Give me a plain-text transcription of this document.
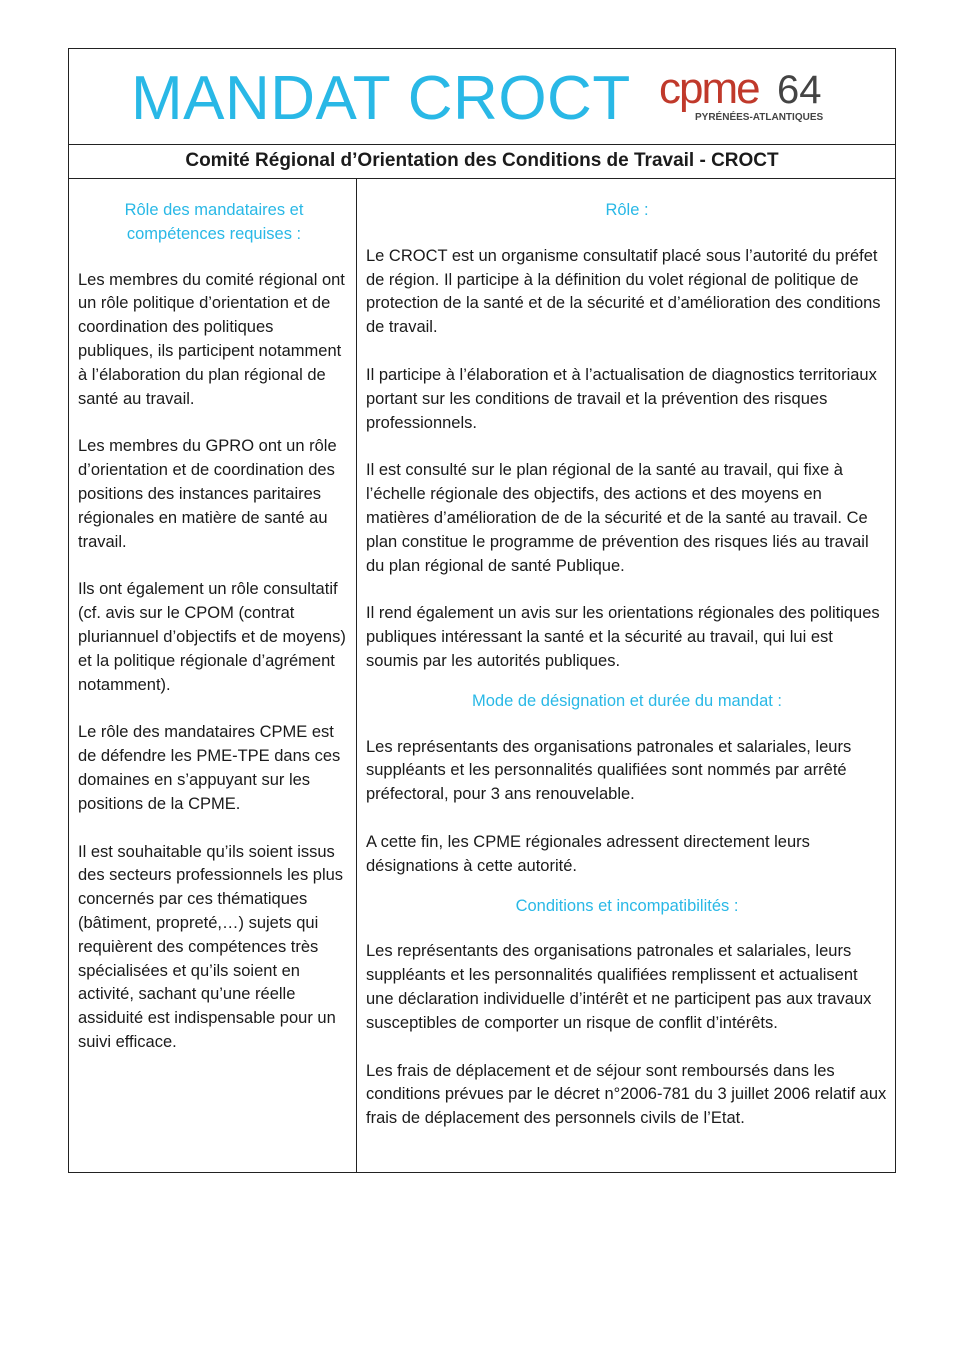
MANDAT CROCT cpme 64
PYRÉNÉES-ATLANTIQUES
Comité Régional d’Orientation des Conditions de Travail - CROCT
Rôle des mandataires et compétences requises :
Les membres du comité régional ont un rôle politique d’orientation et de coordination des politiques publiques, ils participent notamment à l’élaboration du plan régional de santé au travail.
Les membres du GPRO ont un rôle d’orientation et de coordination des positions des instances paritaires régionales en matière de santé au travail.
Ils ont également un rôle consultatif (cf. avis sur le CPOM (contrat pluriannuel d’objectifs et de moyens) et la politique régionale d’agrément notamment).
Le rôle des mandataires CPME est de défendre les PME-TPE dans ces domaines en s’appuyant sur les positions de la CPME.
Il est souhaitable qu’ils soient issus des secteurs professionnels les plus concernés par ces thématiques (bâtiment, propreté,…) sujets qui requièrent des compétences très spécialisées et qu’ils soient en activité, sachant qu’une réelle assiduité est indispensable pour un suivi efficace.
Rôle :
Le CROCT est un organisme consultatif placé sous l’autorité du préfet de région. Il participe à la définition du volet régional de politique de protection de la santé et de la sécurité et d’amélioration des conditions de travail.
Il participe à l’élaboration et à l’actualisation de diagnostics territoriaux portant sur les conditions de travail et la prévention des risques professionnels.
Il est consulté sur le plan régional de la santé au travail, qui fixe à l’échelle régionale des objectifs, des actions et des moyens en matières d’amélioration de de la sécurité et de la santé au travail. Ce plan constitue le programme de prévention des risques liés au travail du plan régional de santé Publique.
Il rend également un avis sur les orientations régionales des politiques publiques intéressant la santé et la sécurité au travail, qui lui est soumis par les autorités publiques.
Mode de désignation et durée du mandat :
Les représentants des organisations patronales et salariales, leurs suppléants et les personnalités qualifiées sont nommés par arrêté préfectoral, pour 3 ans renouvelable.
A cette fin, les CPME régionales adressent directement leurs désignations à cette autorité.
Conditions et incompatibilités :
Les représentants des organisations patronales et salariales, leurs suppléants et les personnalités qualifiées remplissent et actualisent une déclaration individuelle d’intérêt et ne participent pas aux travaux susceptibles de comporter un risque de conflit d’intérêts.
Les frais de déplacement et de séjour sont remboursés dans les conditions prévues par le décret n°2006-781 du 3 juillet 2006 relatif aux frais de déplacement des personnels civils de l’Etat.
